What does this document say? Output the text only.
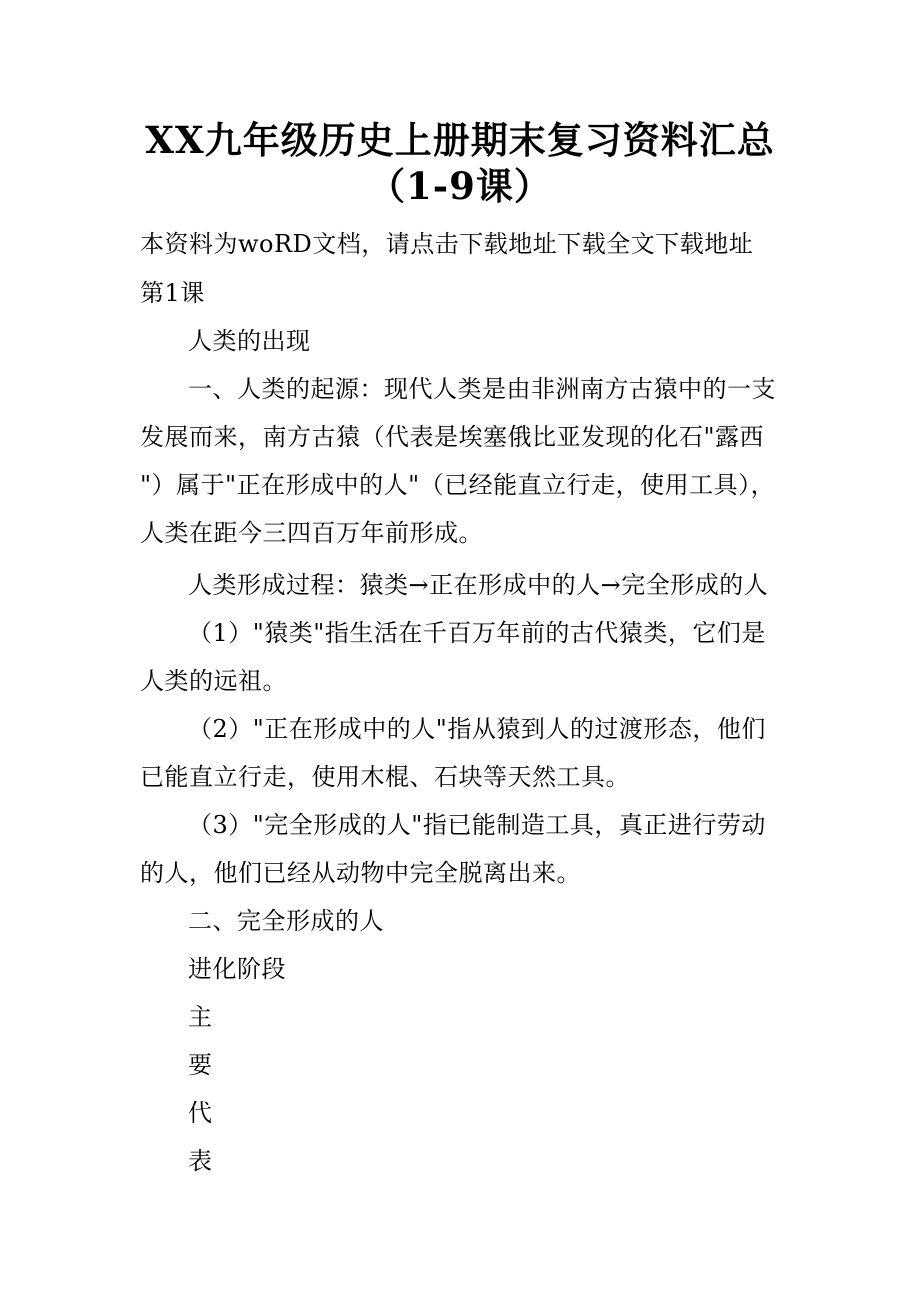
XX九年级历史上册期末复习资料汇总
（1-9课）
本资料为woRD文档，请点击下载地址下载全文下载地址
第1课
人类的出现
一、人类的起源：现代人类是由非洲南方古猿中的一支
发展而来，南方古猿（代表是埃塞俄比亚发现的化石"露西
"）属于"正在形成中的人"（已经能直立行走，使用工具），
人类在距今三四百万年前形成。
人类形成过程：猿类→正在形成中的人→完全形成的人
（1）"猿类"指生活在千百万年前的古代猿类，它们是
人类的远祖。
（2）"正在形成中的人"指从猿到人的过渡形态，他们
已能直立行走，使用木棍、石块等天然工具。
（3）"完全形成的人"指已能制造工具，真正进行劳动
的人，他们已经从动物中完全脱离出来。
二、完全形成的人
进化阶段
主
要
代
表
